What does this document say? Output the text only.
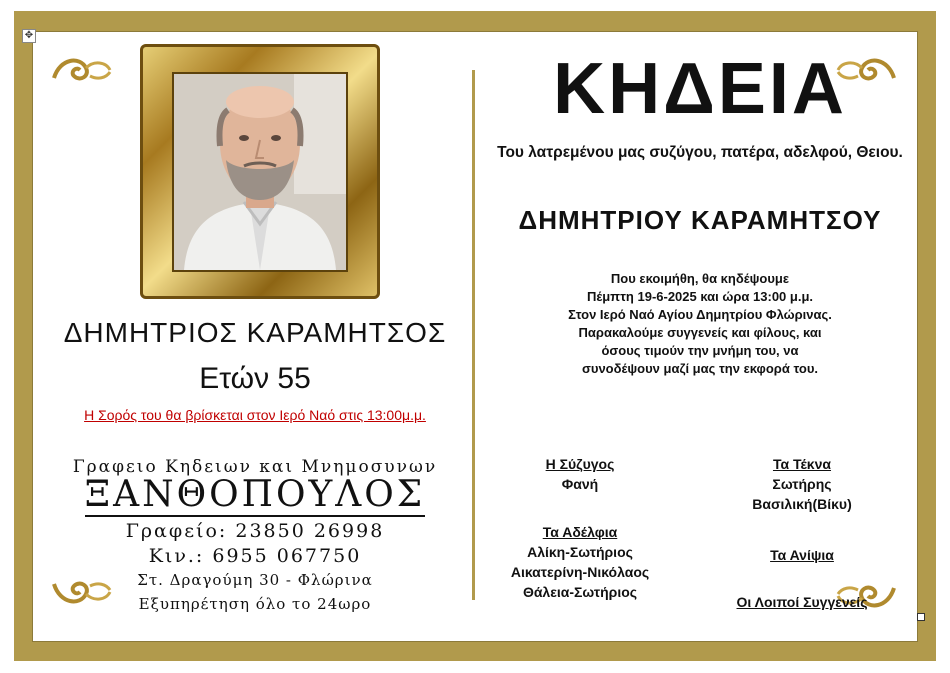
✥
ΔΗΜΗΤΡΙΟΣ ΚΑΡΑΜΗΤΣΟΣ
Ετών 55
Η Σορός του θα βρίσκεται στον Ιερό Ναό στις 13:00μ.μ.
Γραφειο Κηδειων και Μνημοσυνων
ΞΑΝΘΟΠΟΥΛΟΣ
Γραφείο: 23850 26998
Κιν.: 6955 067750
Στ. Δραγούμη 30 - Φλώρινα
Εξυπηρέτηση όλο το 24ωρο
ΚΗΔΕΙΑ
Του λατρεμένου μας συζύγου, πατέρα, αδελφού, Θειου.
ΔΗΜΗΤΡΙΟΥ ΚΑΡΑΜΗΤΣΟΥ
Που εκοιμήθη, θα κηδέψουμε
Πέμπτη 19-6-2025 και ώρα 13:00 μ.μ.
Στον Ιερό Ναό Αγίου Δημητρίου Φλώρινας.
Παρακαλούμε συγγενείς και φίλους, και
όσους τιμούν την μνήμη του, να
συνοδέψουν μαζί μας την εκφορά του.
Η Σύζυγος
Φανή
Τα Τέκνα
Σωτήρης
Βασιλική(Βίκυ)
Τα Αδέλφια
Αλίκη-Σωτήριος
Αικατερίνη-Νικόλαος
Θάλεια-Σωτήριος
Τα Ανίψια
Οι Λοιποί Συγγενείς
